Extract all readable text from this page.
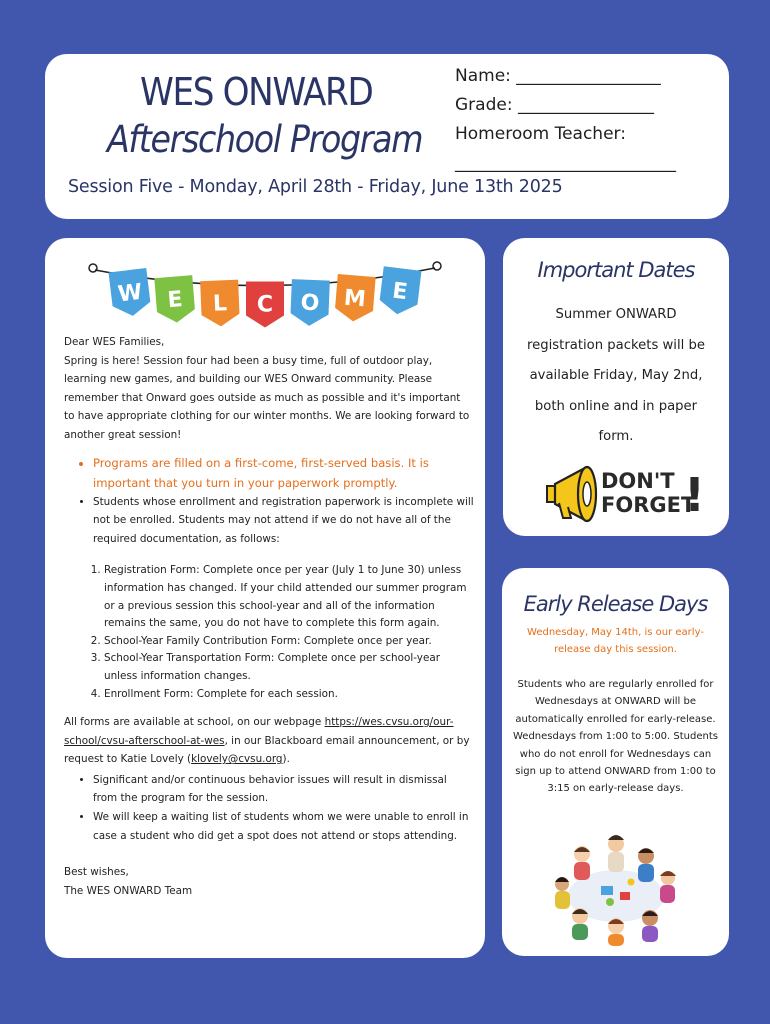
WES ONWARD
Afterschool Program
Name: _________________
Grade: ________________
Homeroom Teacher:
__________________________
Session Five - Monday, April 28th - Friday, June 13th 2025
W E L C O M E

Dear WES Families,

Spring is here! Session four had been a busy time, full of outdoor play, learning new games, and building our WES Onward community. Please remember that Onward goes outside as much as possible and it's important to have appropriate clothing for our winter months. We are looking forward to another great session!

• Programs are filled on a first-come, first-served basis. It is important that you turn in your paperwork promptly.
• Students whose enrollment and registration paperwork is incomplete will not be enrolled. Students may not attend if we do not have all of the required documentation, as follows:
1. Registration Form: Complete once per year (July 1 to June 30) unless information has changed. If your child attended our summer program or a previous session this school-year and all of the information remains the same, you do not have to complete this form again.
2. School-Year Family Contribution Form: Complete once per year.
3. School-Year Transportation Form: Complete once per school-year unless information changes.
4. Enrollment Form: Complete for each session.

All forms are available at school, on our webpage https://wes.cvsu.org/our-school/cvsu-afterschool-at-wes, in our Blackboard email announcement, or by request to Katie Lovely (klovely@cvsu.org).

• Significant and/or continuous behavior issues will result in dismissal from the program for the session.
• We will keep a waiting list of students whom we were unable to enroll in case a student who did get a spot does not attend or stops attending.

Best wishes,

The WES ONWARD Team

Important Dates
Summer ONWARD registration packets will be available Friday, May 2nd, both online and in paper form.
DON'T
FORGET
!
Early Release Days
Wednesday, May 14th, is our early-release day this session.
Students who are regularly enrolled for Wednesdays at ONWARD will be automatically enrolled for early-release. Wednesdays from 1:00 to 5:00. Students who do not enroll for Wednesdays can sign up to attend ONWARD from 1:00 to 3:15 on early-release days.
